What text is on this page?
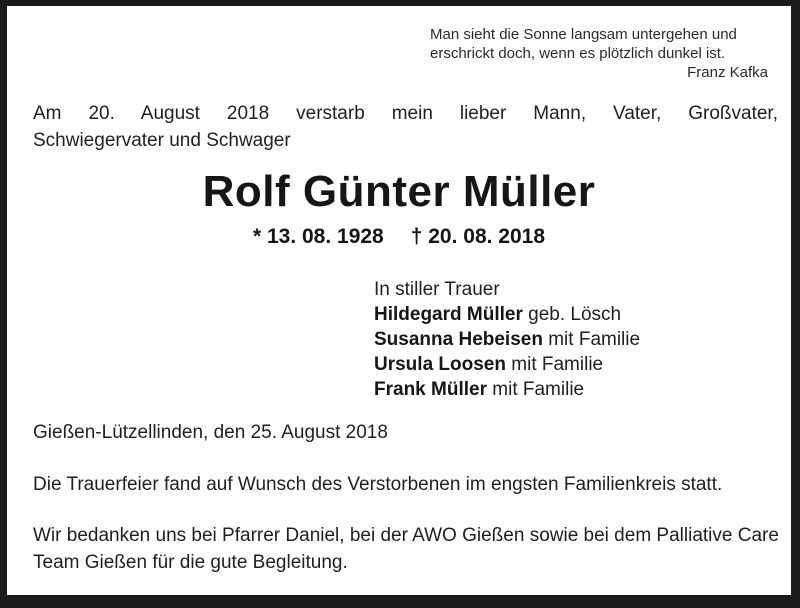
Man sieht die Sonne langsam untergehen und
erschrickt doch, wenn es plötzlich dunkel ist.
Franz Kafka
Am 20. August 2018 verstarb mein lieber Mann, Vater, Großvater,
Schwiegervater und Schwager
Rolf Günter Müller
* 13. 08. 1928 † 20. 08. 2018
In stiller Trauer
Hildegard Müller geb. Lösch
Susanna Hebeisen mit Familie
Ursula Loosen mit Familie
Frank Müller mit Familie
Gießen-Lützellinden, den 25. August 2018
Die Trauerfeier fand auf Wunsch des Verstorbenen im engsten Familienkreis statt.
Wir bedanken uns bei Pfarrer Daniel, bei der AWO Gießen sowie bei dem Palliative Care
Team Gießen für die gute Begleitung.
